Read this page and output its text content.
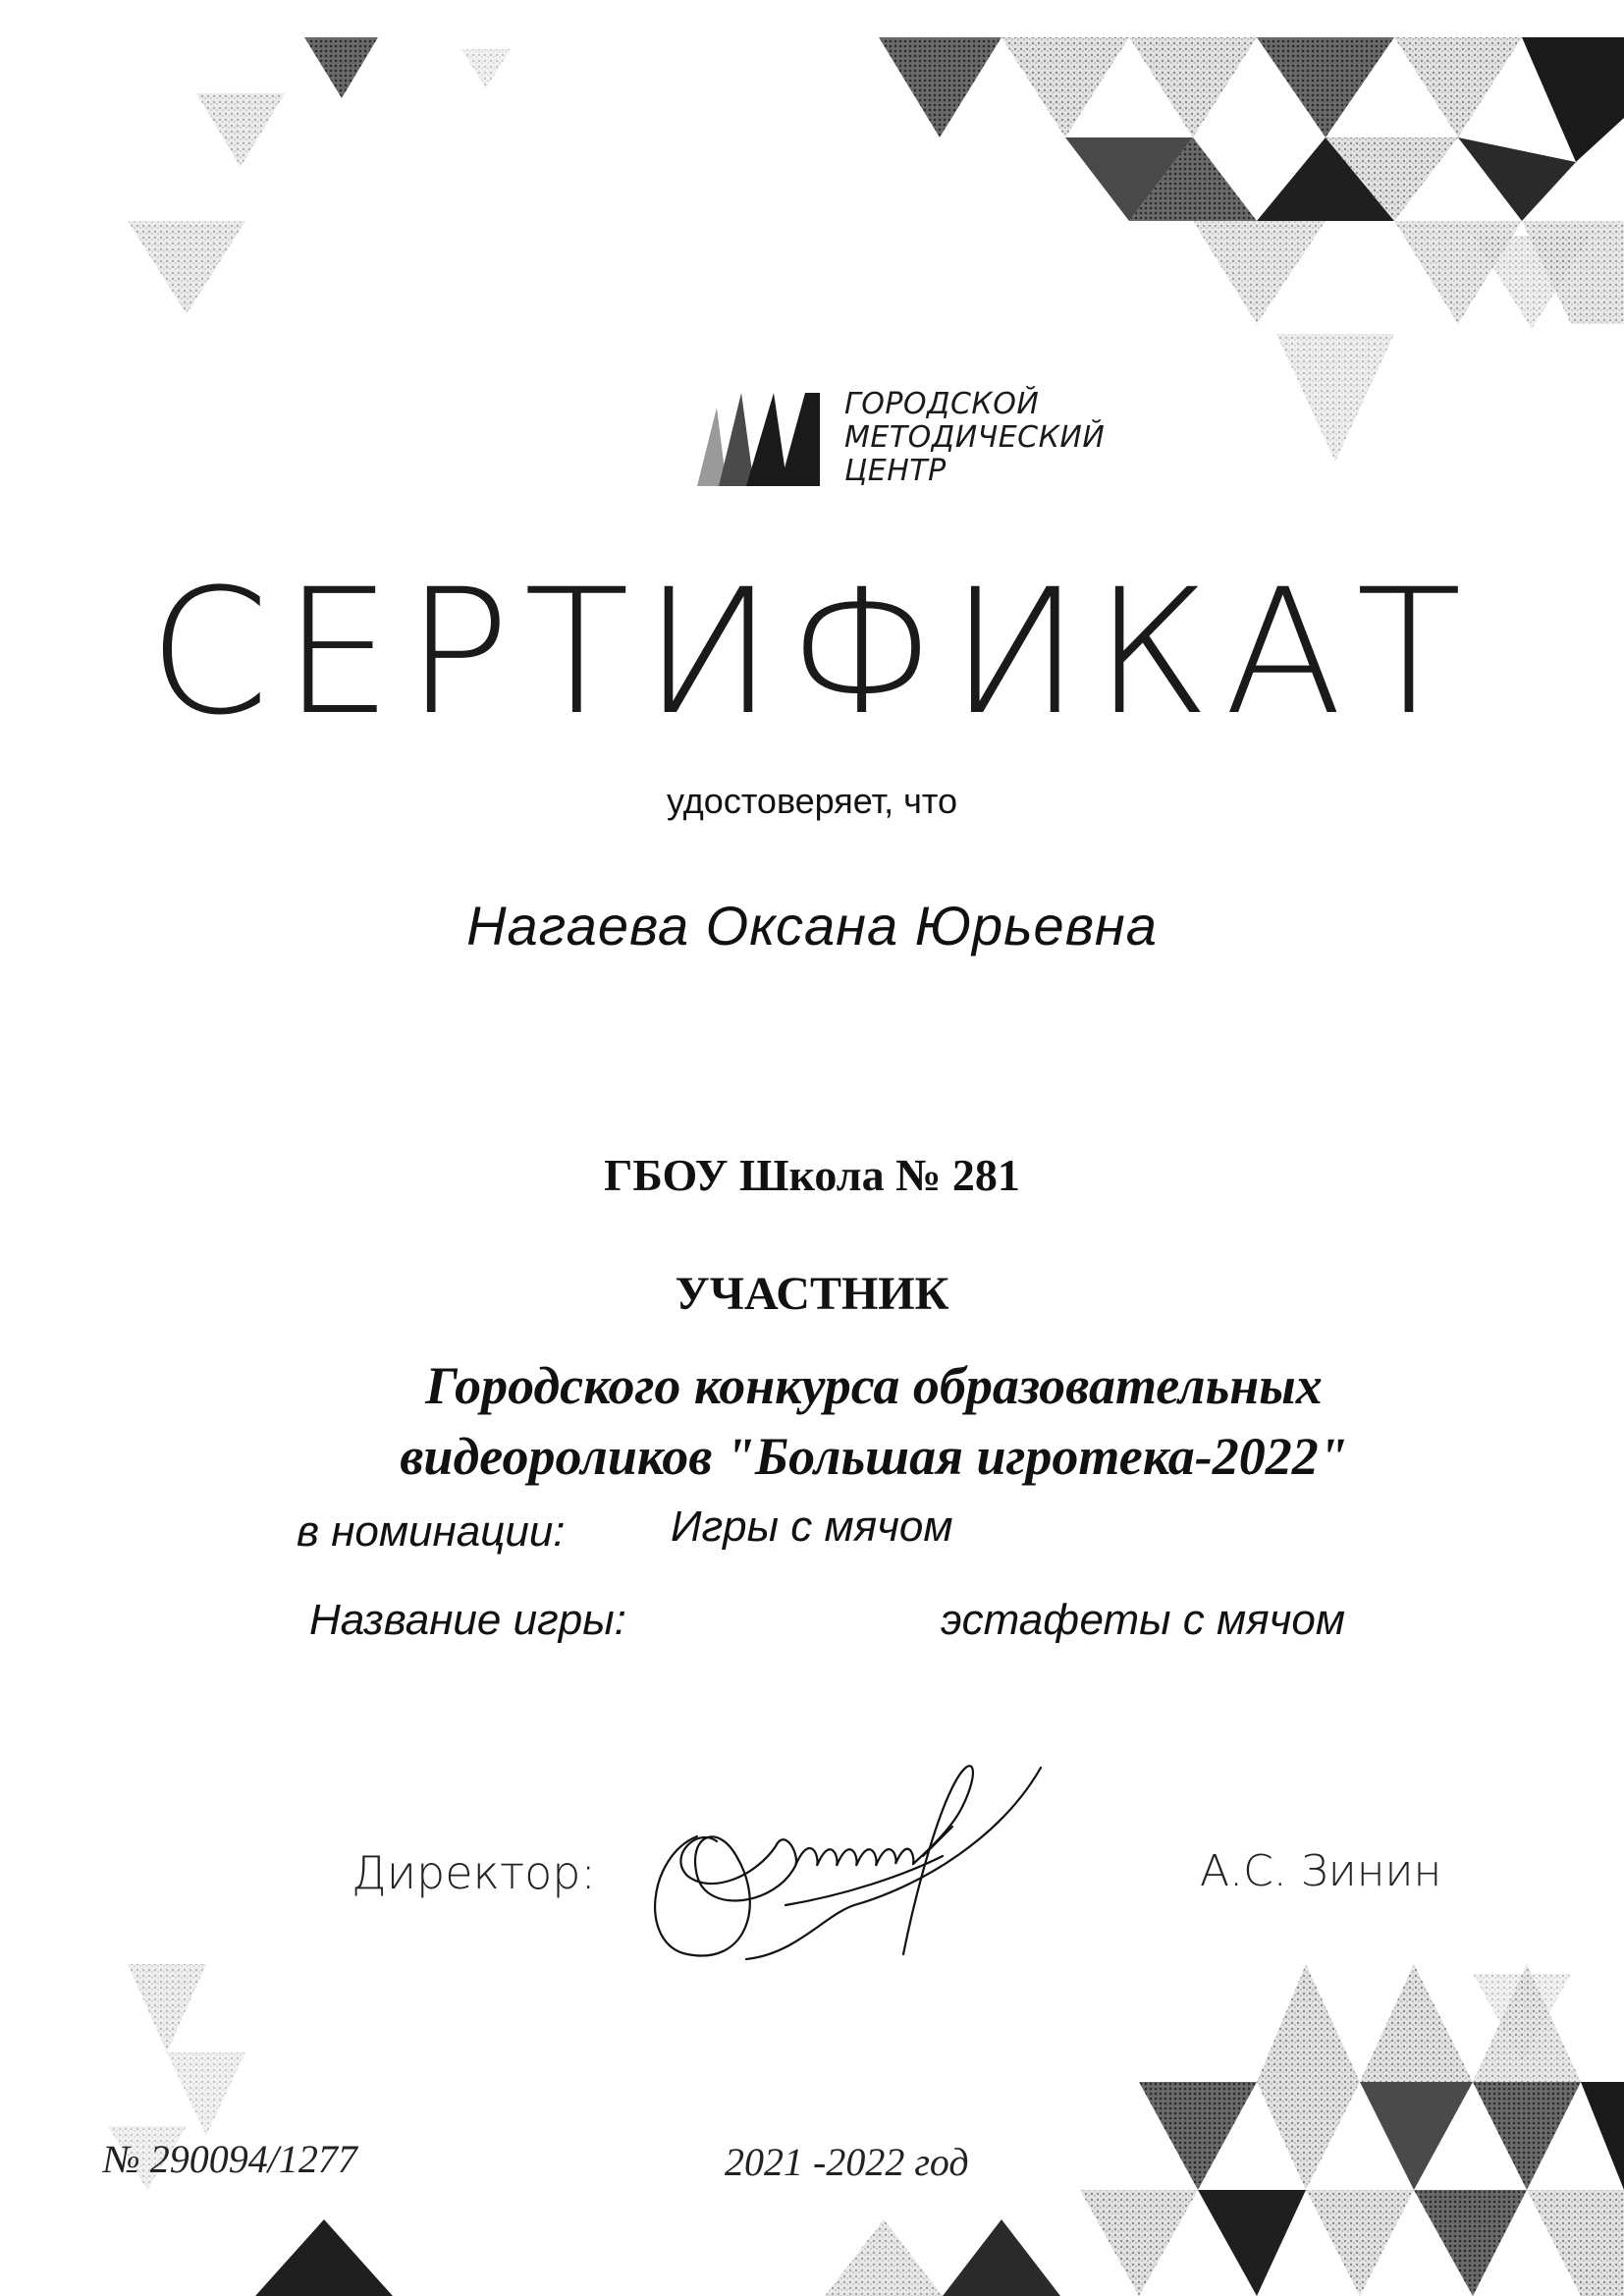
ГОРОДСКОЙ
МЕТОДИЧЕСКИЙ
ЦЕНТР
СЕРТИФИКАТ
удостоверяет, что
Нагаева Оксана Юрьевна
ГБОУ Школа № 281
УЧАСТНИК
Городского конкурса образовательных
видеороликов "Большая игротека-2022"
в номинации: Игры с мячом
Название игры:	эстафеты с мячом
Директор:	А.С. Зинин
№ 290094/1277	2021 -2022 год
